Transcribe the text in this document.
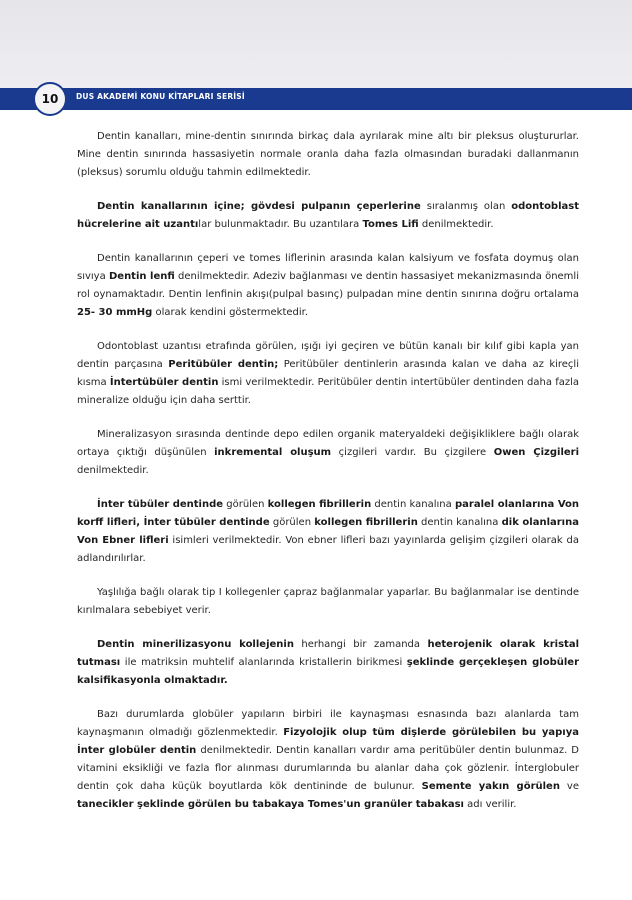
10 DUS AKADEMİ KONU KİTAPLARI SERİSİ

Dentin kanalları, mine-dentin sınırında birkaç dala ayrılarak mine altı bir pleksus oluştururlar. Mine dentin sınırında hassasiyetin normale oranla daha fazla olmasından buradaki dallanmanın (pleksus) sorumlu olduğu tahmin edilmektedir.

Dentin kanallarının içine; gövdesi pulpanın çeperlerine sıralanmış olan odontoblast hücrelerine ait uzantılar bulunmaktadır. Bu uzantılara Tomes Lifi denilmektedir.

Dentin kanallarının çeperi ve tomes liflerinin arasında kalan kalsiyum ve fosfata doymuş olan sıvıya Dentin lenfi denilmektedir. Adeziv bağlanması ve dentin hassasiyet mekanizmasında önemli rol oynamaktadır. Dentin lenfinin akışı(pulpal basınç) pulpadan mine dentin sınırına doğru ortalama 25- 30 mmHg olarak kendini göstermektedir.

Odontoblast uzantısı etrafında görülen, ışığı iyi geçiren ve bütün kanalı bir kılıf gibi kapla yan dentin parçasına Peritübüler dentin; Peritübüler dentinlerin arasında kalan ve daha az kireçli kısma İntertübüler dentin ismi verilmektedir. Peritübüler dentin intertübüler dentinden daha fazla mineralize olduğu için daha serttir.

Mineralizasyon sırasında dentinde depo edilen organik materyaldeki değişikliklere bağlı olarak ortaya çıktığı düşünülen inkremental oluşum çizgileri vardır. Bu çizgilere Owen Çizgileri denilmektedir.

İnter tübüler dentinde görülen kollegen fibrillerin dentin kanalına paralel olanlarına Von korff lifleri, İnter tübüler dentinde görülen kollegen fibrillerin dentin kanalına dik olanlarına Von Ebner lifleri isimleri verilmektedir. Von ebner lifleri bazı yayınlarda gelişim çizgileri olarak da adlandırılırlar.

Yaşlılığa bağlı olarak tip I kollegenler çapraz bağlanmalar yaparlar. Bu bağlanmalar ise dentinde kırılmalara sebebiyet verir.

Dentin minerilizasyonu kollejenin herhangi bir zamanda heterojenik olarak kristal tutması ile matriksin muhtelif alanlarında kristallerin birikmesi şeklinde gerçekleşen globüler kalsifikasyonla olmaktadır.

Bazı durumlarda globüler yapıların birbiri ile kaynaşması esnasında bazı alanlarda tam kaynaşmanın olmadığı gözlenmektedir. Fizyolojik olup tüm dişlerde görülebilen bu yapıya İnter globüler dentin denilmektedir. Dentin kanalları vardır ama peritübüler dentin bulunmaz. D vitamini eksikliği ve fazla flor alınması durumlarında bu alanlar daha çok gözlenir. İnterglobuler dentin çok daha küçük boyutlarda kök dentininde de bulunur. Semente yakın görülen ve tanecikler şeklinde görülen bu tabakaya Tomes'un granüler tabakası adı verilir.
